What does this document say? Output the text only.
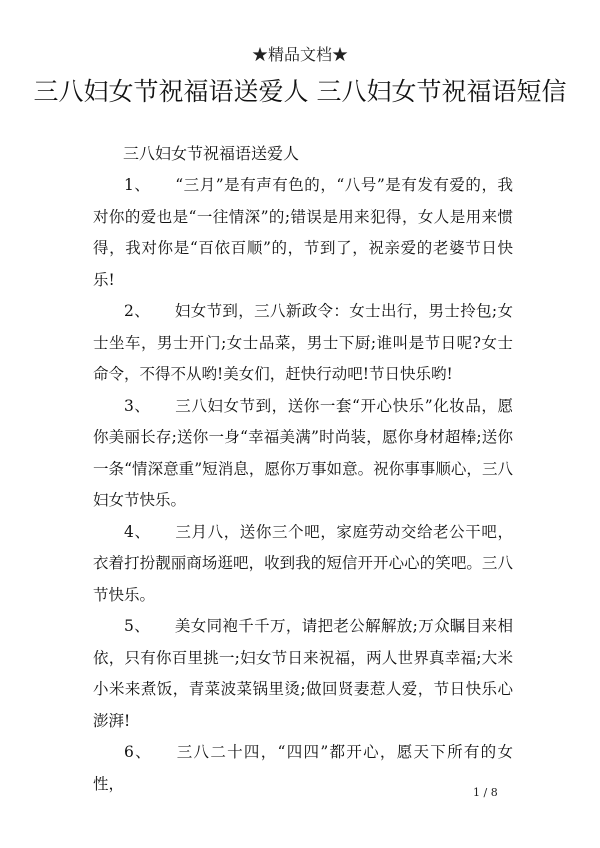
★精品文档★
三八妇女节祝福语送爱人 三八妇女节祝福语短信
三八妇女节祝福语送爱人

1、 “三月”是有声有色的，“八号”是有发有爱的，我对你的爱也是“一往情深”的;错误是用来犯得，女人是用来惯得，我对你是“百依百顺”的，节到了，祝亲爱的老婆节日快乐!

2、 妇女节到，三八新政令：女士出行，男士拎包;女士坐车，男士开门;女士品菜，男士下厨;谁叫是节日呢?女士命令，不得不从哟!美女们，赶快行动吧!节日快乐哟!

3、 三八妇女节到，送你一套“开心快乐”化妆品，愿你美丽长存;送你一身“幸福美满”时尚装，愿你身材超棒;送你一条“情深意重”短消息，愿你万事如意。祝你事事顺心，三八妇女节快乐。

4、 三月八，送你三个吧，家庭劳动交给老公干吧，衣着打扮靓丽商场逛吧，收到我的短信开开心心的笑吧。三八节快乐。

5、 美女同袍千千万，请把老公解解放;万众瞩目来相依，只有你百里挑一;妇女节日来祝福，两人世界真幸福;大米小米来煮饭，青菜波菜锅里烫;做回贤妻惹人爱，节日快乐心澎湃!

6、 三八二十四，“四四”都开心，愿天下所有的女性，	1 / 8
